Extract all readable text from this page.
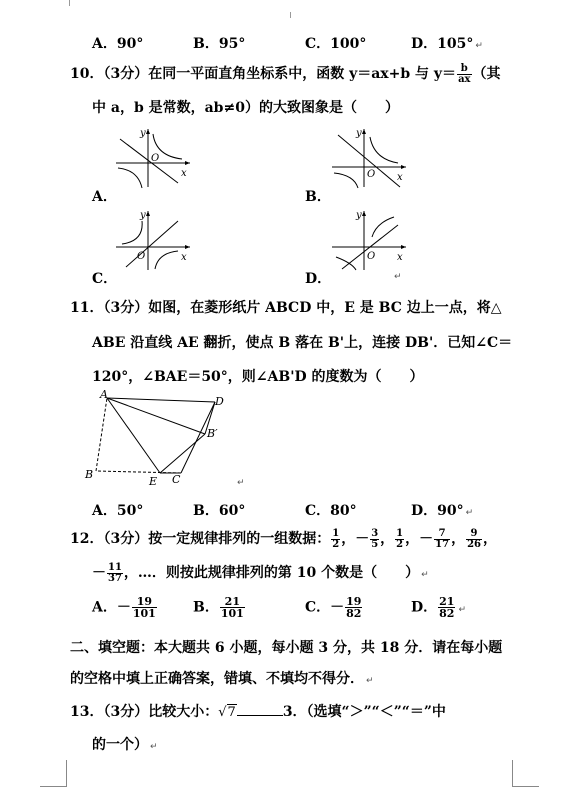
A．90°	B．95°	C．100°	D．105° ↵
10．（3分）在同一平面直角坐标系中，函数 y＝ax+b 与 $y= \frac{b}{ax}$ （其
中 a，b 是常数，ab≠0）的大致图象是（　　）
y
x
O
A．
y
x
O
B．
y
x
O
C．
y
x
O
D．	↵
11．（3分）如图，在菱形纸片 ABCD 中，E 是 BC 边上一点，将△
ABE 沿直线 AE 翻折，使点 B 落在 B'上，连接 DB'．已知∠C＝
120°，∠BAE＝50°，则∠AB'D 的度数为（　　）
A
D
B′
B
E C	↵
A．50°	B．60°	C．80°	D．90° ↵
12．（3分）按一定规律排列的一组数据： $\frac{1}{2}$ ，－ $\frac{3}{5}$ ， $\frac{1}{2}$ ，－ $\frac{7}{17}$ ， $\frac{9}{26}$ ，
－ $\frac{11}{37}$ ，…．则按此规律排列的第 10 个数是（　　） ↵
A．－ $\frac{19}{101}$	B． $\frac{21}{101}$	C．－ $\frac{19}{82}$	D． $\frac{21}{82}$ ↵
二、填空题：本大题共 6 小题，每小题 3 分，共 18 分．请在每小题
的空格中填上正确答案，错填、不填均不得分． ↵
13．（3分）比较大小：√7	3．（选填“＞”“＜”“＝”中
的一个） ↵
